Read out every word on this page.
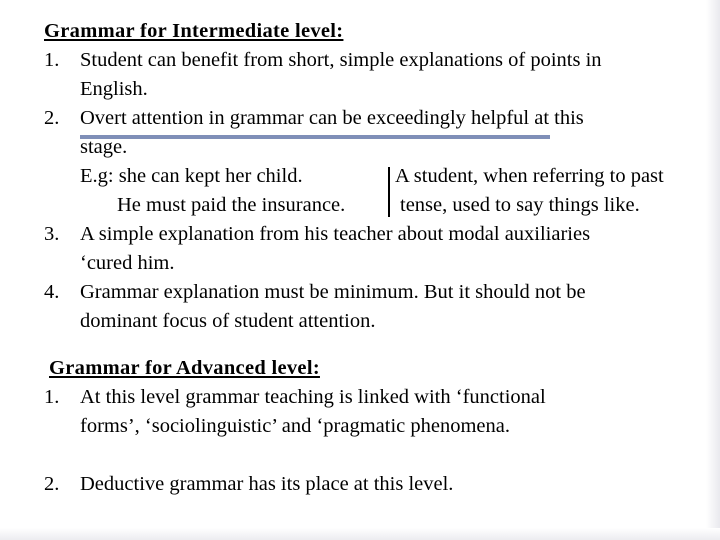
Grammar for Intermediate level:
1. Student can benefit from short, simple explanations of points in
English.
2. Overt attention in grammar can be exceedingly helpful at this
stage.
E.g: she can kept her child.
He must paid the insurance.
A student, when referring to past
tense, used to say things like.
3. A simple explanation from his teacher about modal auxiliaries
‘cured him.
4. Grammar explanation must be minimum. But it should not be
dominant focus of student attention.
Grammar for Advanced level:
1. At this level grammar teaching is linked with ‘functional
forms’, ‘sociolinguistic’ and ‘pragmatic phenomena.
2. Deductive grammar has its place at this level.
